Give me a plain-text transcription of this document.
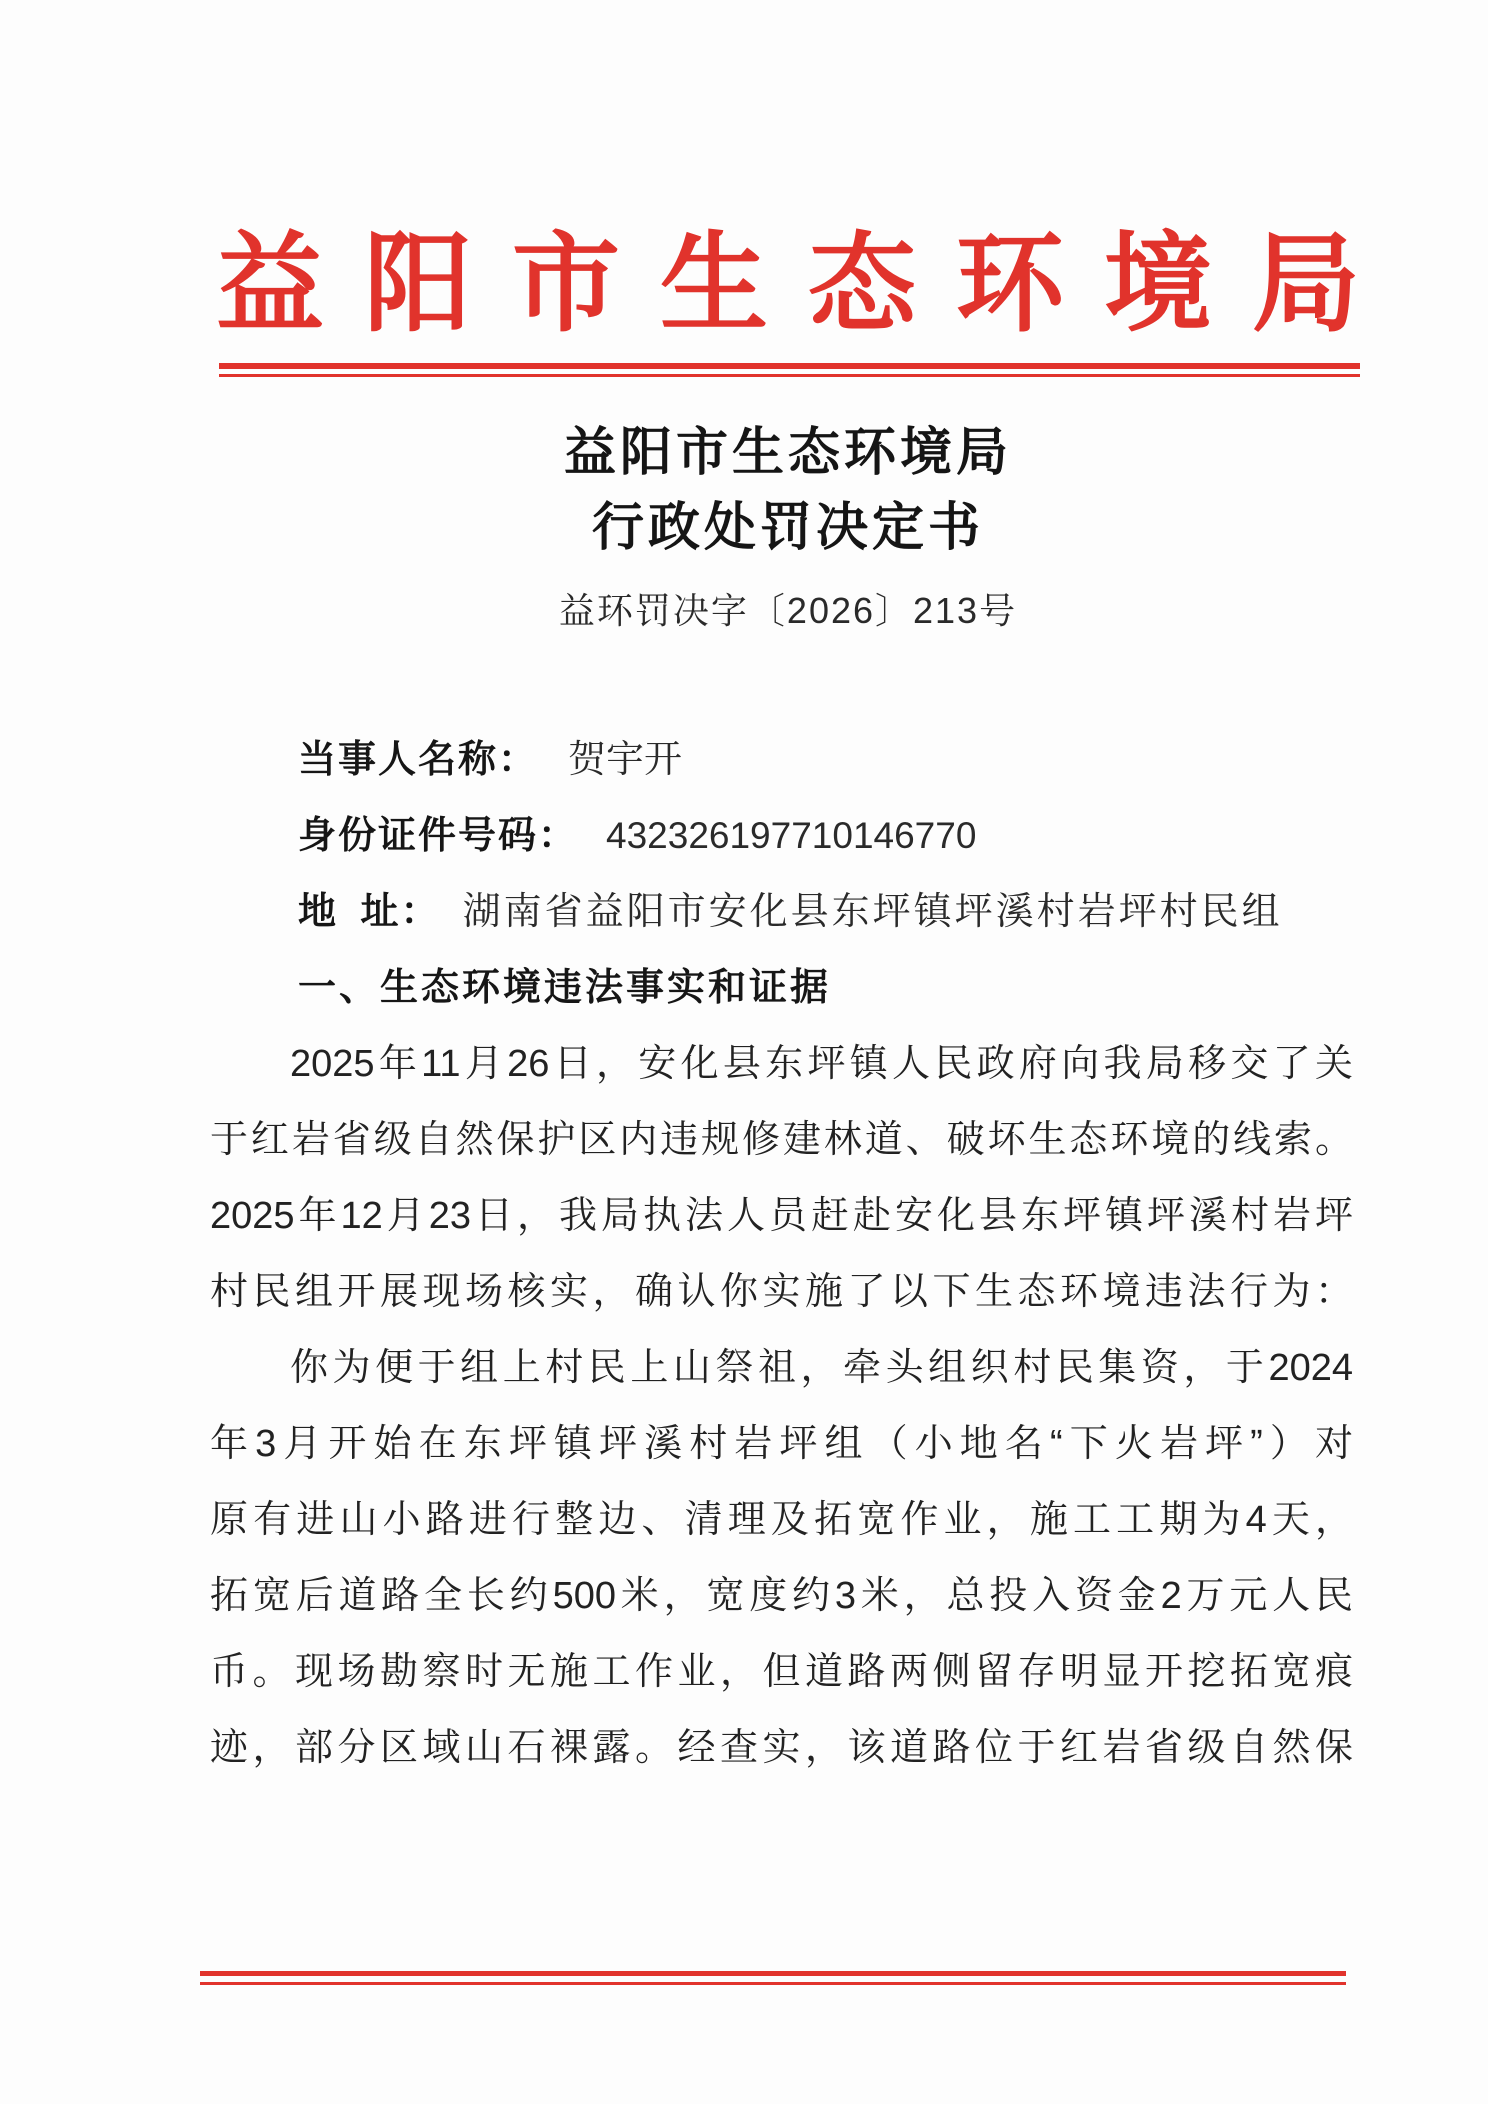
益阳市生态环境局
益阳市生态环境局
行政处罚决定书
益环罚决字〔2026〕213号
当事人名称： 贺宇开
身份证件号码： 432326197710146770
地 址： 湖南省益阳市安化县东坪镇坪溪村岩坪村民组
一、生态环境违法事实和证据
2025年11月26日，安化县东坪镇人民政府向我局移交了关
于红岩省级自然保护区内违规修建林道、破坏生态环境的线索。
2025年12月23日，我局执法人员赶赴安化县东坪镇坪溪村岩坪
村民组开展现场核实，确认你实施了以下生态环境违法行为：
你为便于组上村民上山祭祖，牵头组织村民集资，于2024
年3月开始在东坪镇坪溪村岩坪组（小地名“下火岩坪”）对
原有进山小路进行整边、清理及拓宽作业，施工工期为4天，
拓宽后道路全长约500米，宽度约3米，总投入资金2万元人民
币。现场勘察时无施工作业，但道路两侧留存明显开挖拓宽痕
迹，部分区域山石裸露。经查实，该道路位于红岩省级自然保
